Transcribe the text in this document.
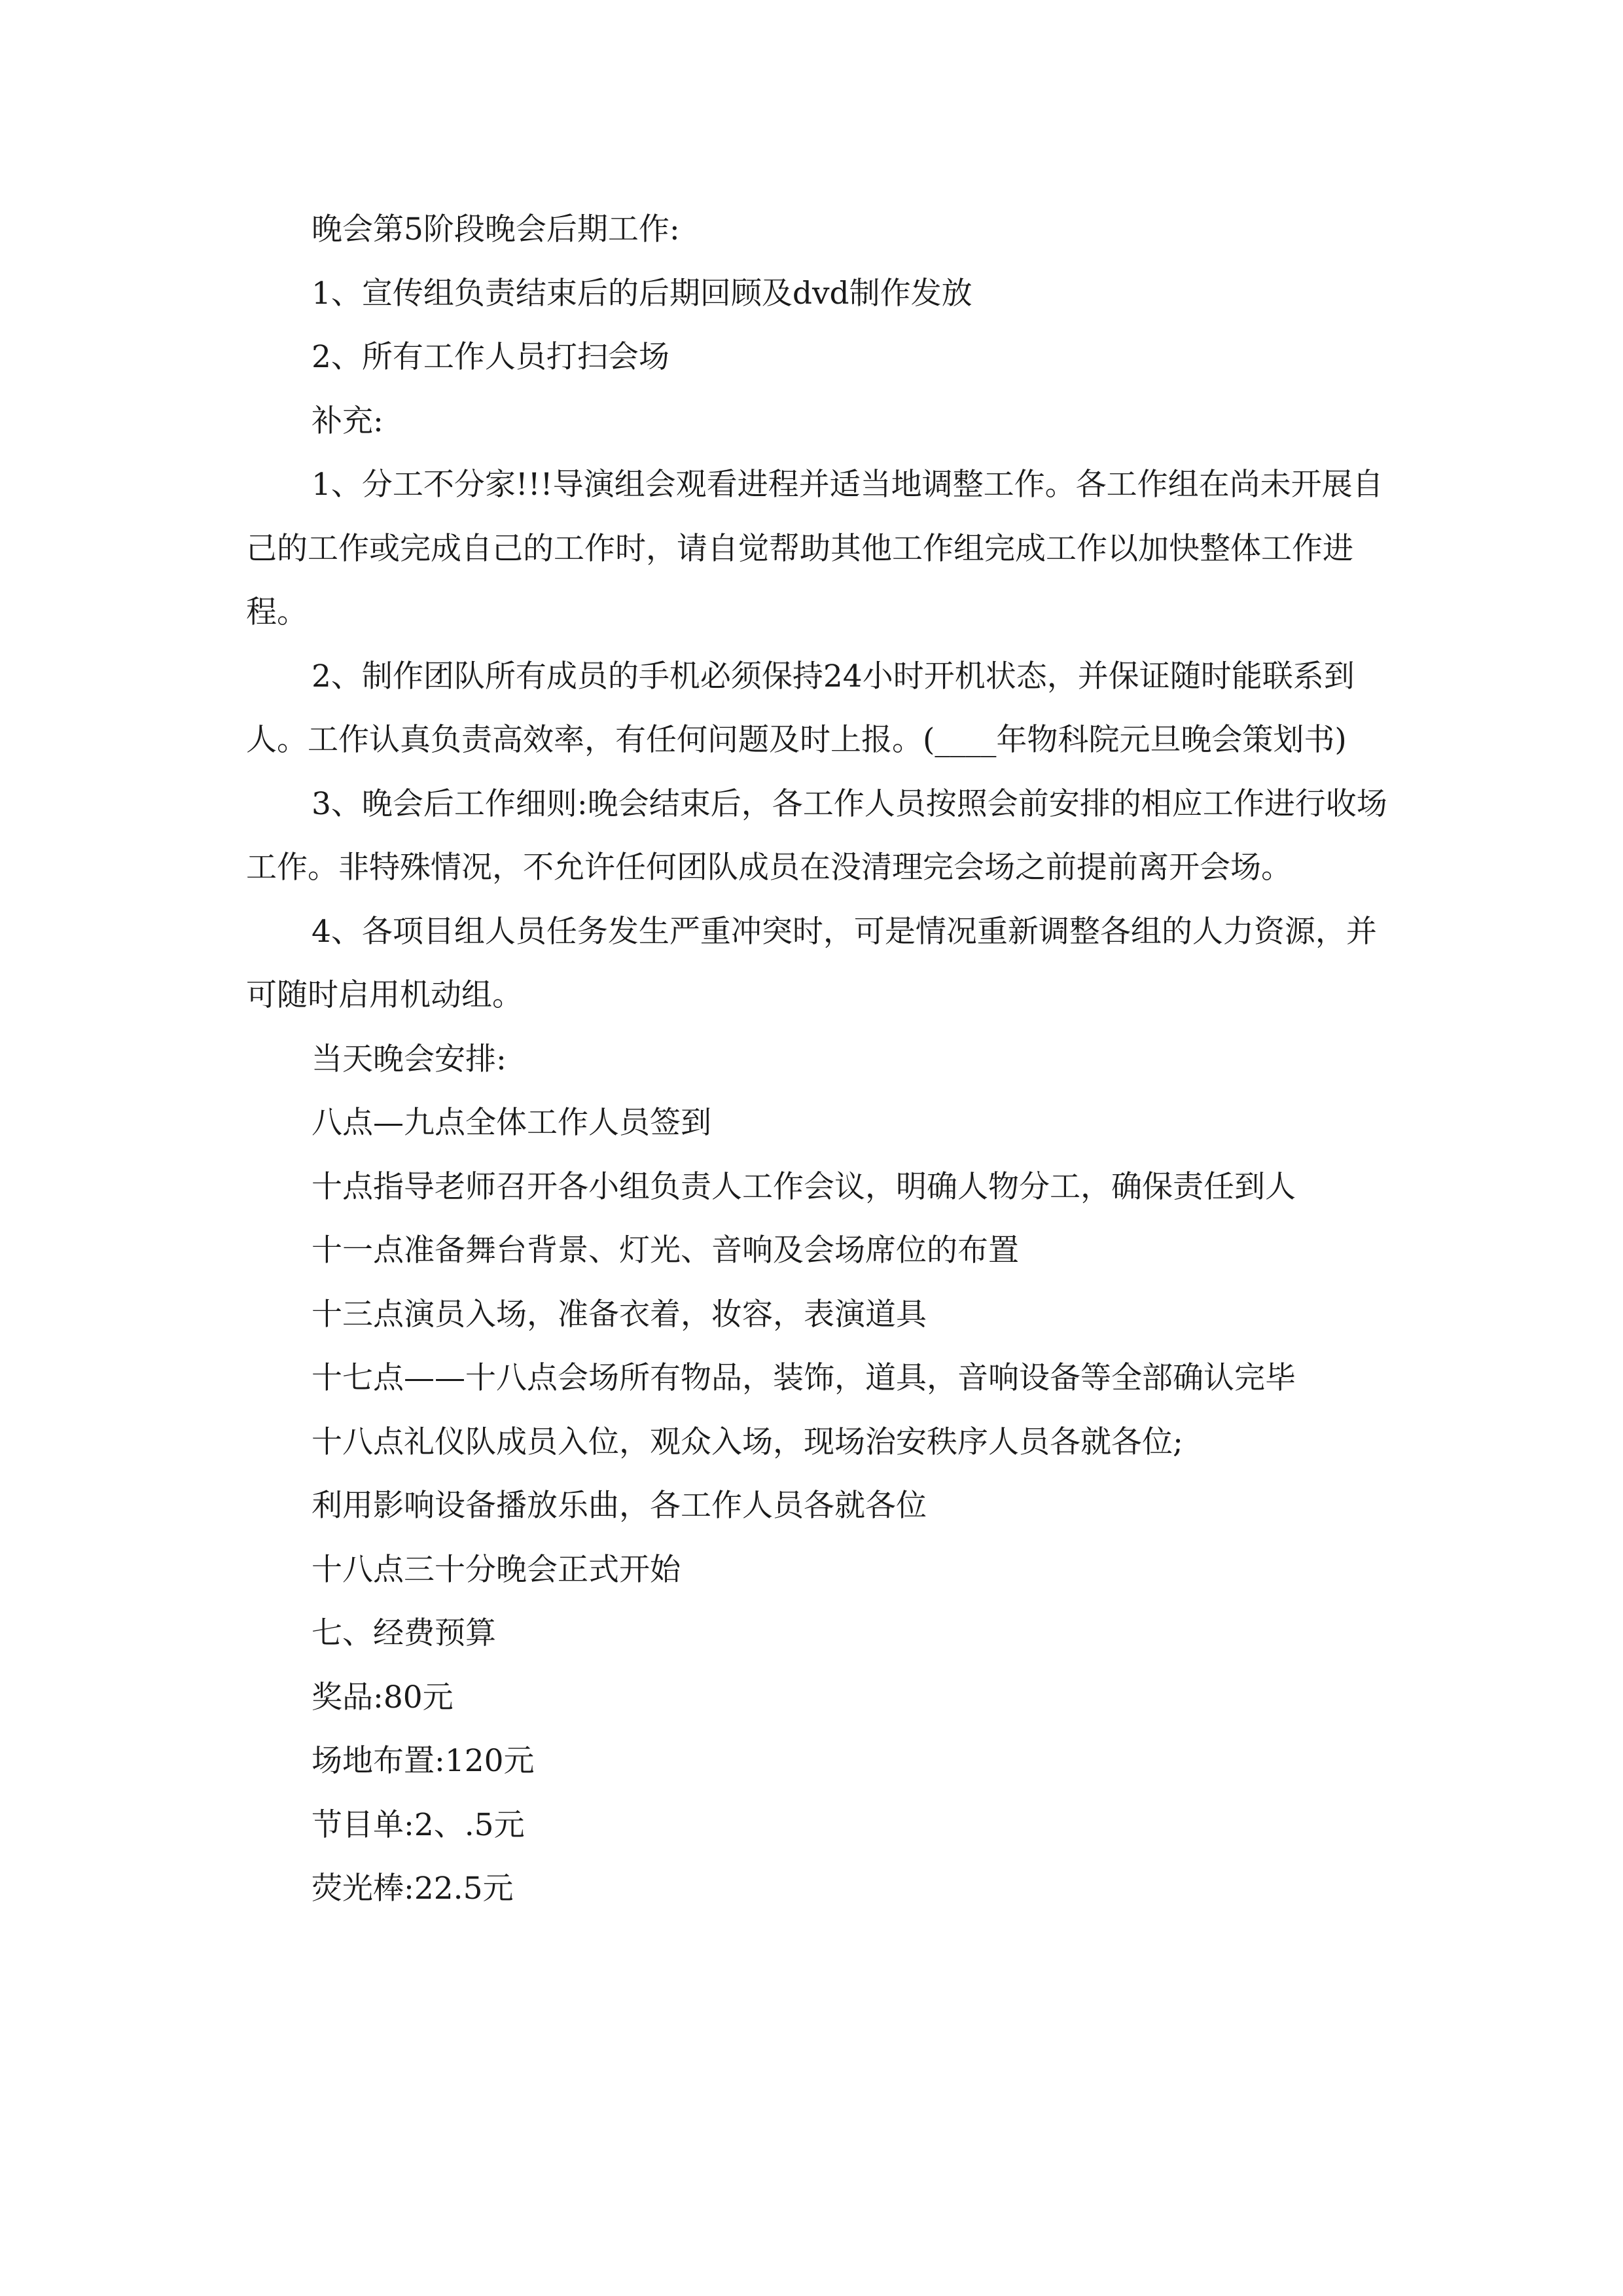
晚会第5阶段晚会后期工作:

1、宣传组负责结束后的后期回顾及dvd制作发放

2、所有工作人员打扫会场

补充:

1、分工不分家!!!导演组会观看进程并适当地调整工作。各工作组在尚未开展自己的工作或完成自己的工作时，请自觉帮助其他工作组完成工作以加快整体工作进程。

2、制作团队所有成员的手机必须保持24小时开机状态，并保证随时能联系到人。工作认真负责高效率，有任何问题及时上报。(____年物科院元旦晚会策划书)

3、晚会后工作细则:晚会结束后，各工作人员按照会前安排的相应工作进行收场工作。非特殊情况，不允许任何团队成员在没清理完会场之前提前离开会场。

4、各项目组人员任务发生严重冲突时，可是情况重新调整各组的人力资源，并可随时启用机动组。

当天晚会安排:

八点—九点全体工作人员签到

十点指导老师召开各小组负责人工作会议，明确人物分工，确保责任到人

十一点准备舞台背景、灯光、音响及会场席位的布置

十三点演员入场，准备衣着，妆容，表演道具

十七点——十八点会场所有物品，装饰，道具，音响设备等全部确认完毕

十八点礼仪队成员入位，观众入场，现场治安秩序人员各就各位;

利用影响设备播放乐曲，各工作人员各就各位

十八点三十分晚会正式开始

七、经费预算

奖品:80元

场地布置:120元

节目单:2、.5元

荧光棒:22.5元
